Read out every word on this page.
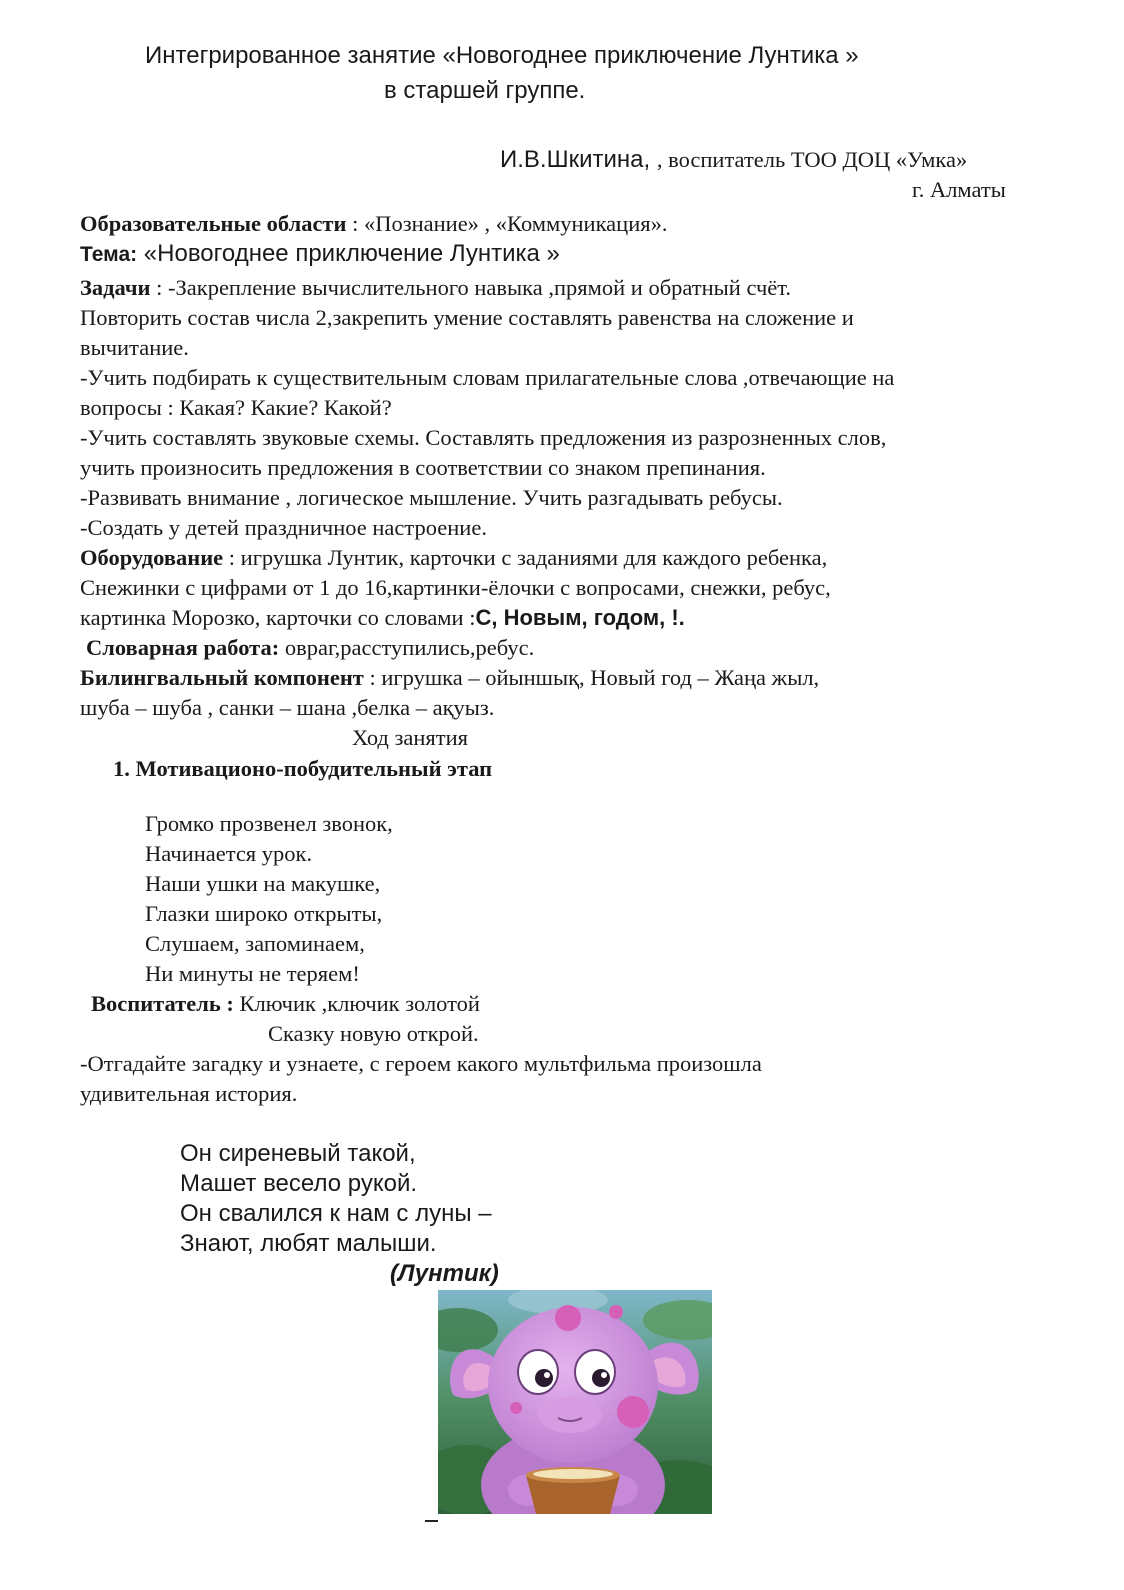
Интегрированное занятие «Новогоднее приключение Лунтика »
в старшей группе.
И.В.Шкитина, , воспитатель ТОО ДОЦ «Умка»
г. Алматы
Образовательные области : «Познание» , «Коммуникация».
Тема: «Новогоднее приключение Лунтика »
Задачи : -Закрепление вычислительного навыка ,прямой и обратный счёт.
Повторить состав числа 2,закрепить умение составлять равенства на сложение и
вычитание.
-Учить подбирать к существительным словам прилагательные слова ,отвечающие на
вопросы : Какая? Какие? Какой?
-Учить составлять звуковые схемы. Составлять предложения из разрозненных слов,
учить произносить предложения в соответствии со знаком препинания.
-Развивать внимание , логическое мышление. Учить разгадывать ребусы.
-Создать у детей праздничное настроение.
Оборудование : игрушка Лунтик, карточки с заданиями для каждого ребенка,
Снежинки с цифрами от 1 до 16,картинки-ёлочки с вопросами, снежки, ребус,
картинка Морозко, карточки со словами :С, Новым, годом, !.
Словарная работа: овраг,расступились,ребус.
Билингвальный компонент : игрушка – ойыншық, Новый год – Жаңа жыл,
шуба – шуба , санки – шана ,белка – ақуыз.
Ход занятия
1. Мотивационо-побудительный этап
Громко прозвенел звонок,
Начинается урок.
Наши ушки на макушке,
Глазки широко открыты,
Слушаем, запоминаем,
Ни минуты не теряем!
Воспитатель : Ключик ,ключик золотой
Сказку новую открой.
-Отгадайте загадку и узнаете, с героем какого мультфильма произошла
удивительная история.
Он сиреневый такой,
Машет весело рукой.
Он свалился к нам с луны –
Знают, любят малыши.
(Лунтик)
